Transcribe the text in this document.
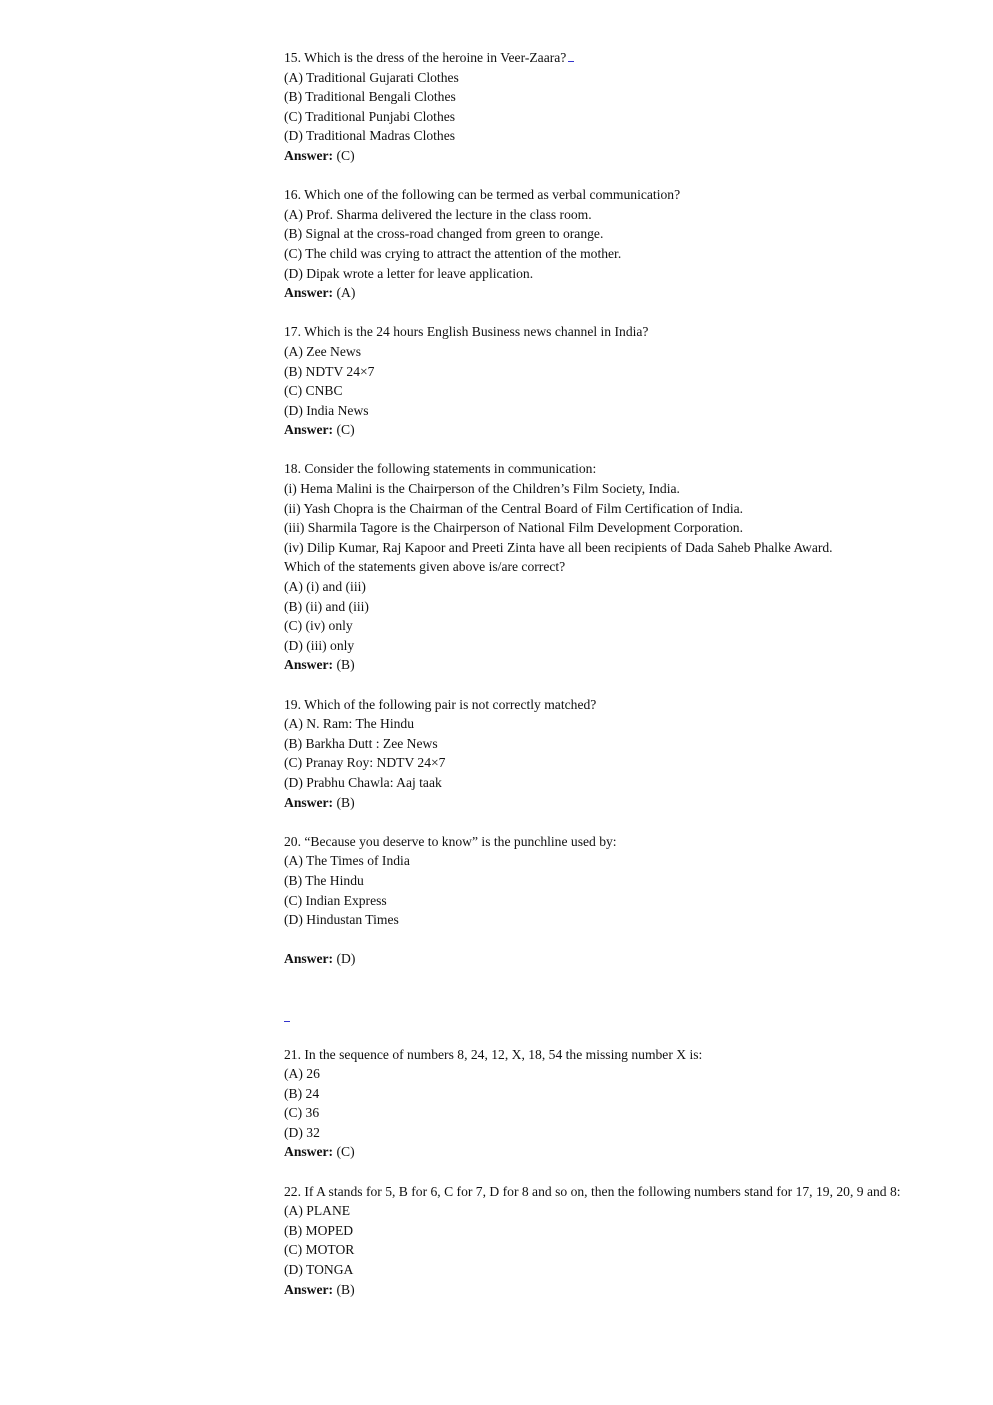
15. Which is the dress of the heroine in Veer-Zaara?
(A) Traditional Gujarati Clothes
(B) Traditional Bengali Clothes
(C) Traditional Punjabi Clothes
(D) Traditional Madras Clothes
Answer: (C)
16. Which one of the following can be termed as verbal communication?
(A) Prof. Sharma delivered the lecture in the class room.
(B) Signal at the cross-road changed from green to orange.
(C) The child was crying to attract the attention of the mother.
(D) Dipak wrote a letter for leave application.
Answer: (A)
17. Which is the 24 hours English Business news channel in India?
(A) Zee News
(B) NDTV 24×7
(C) CNBC
(D) India News
Answer: (C)
18. Consider the following statements in communication:
(i) Hema Malini is the Chairperson of the Children’s Film Society, India.
(ii) Yash Chopra is the Chairman of the Central Board of Film Certification of India.
(iii) Sharmila Tagore is the Chairperson of National Film Development Corporation.
(iv) Dilip Kumar, Raj Kapoor and Preeti Zinta have all been recipients of Dada Saheb Phalke Award.
Which of the statements given above is/are correct?
(A) (i) and (iii)
(B) (ii) and (iii)
(C) (iv) only
(D) (iii) only
Answer: (B)
19. Which of the following pair is not correctly matched?
(A) N. Ram: The Hindu
(B) Barkha Dutt : Zee News
(C) Pranay Roy: NDTV 24×7
(D) Prabhu Chawla: Aaj taak
Answer: (B)
20. “Because you deserve to know” is the punchline used by:
(A) The Times of India
(B) The Hindu
(C) Indian Express
(D) Hindustan Times
Answer: (D)
21. In the sequence of numbers 8, 24, 12, X, 18, 54 the missing number X is:
(A) 26
(B) 24
(C) 36
(D) 32
Answer: (C)
22. If A stands for 5, B for 6, C for 7, D for 8 and so on, then the following numbers stand for 17, 19, 20, 9 and 8:
(A) PLANE
(B) MOPED
(C) MOTOR
(D) TONGA
Answer: (B)
